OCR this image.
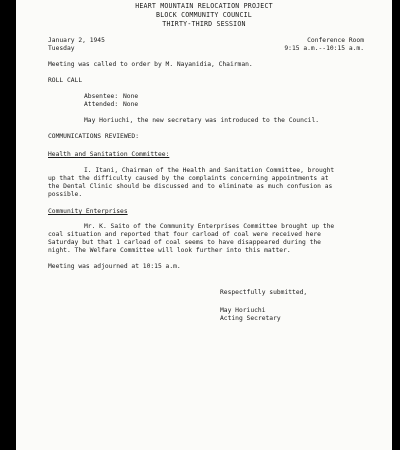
HEART MOUNTAIN RELOCATION PROJECT
BLOCK COMMUNITY COUNCIL
THIRTY-THIRD SESSION
January 2, 1945
Tuesday
Conference Room
9:15 a.m.--10:15 a.m.
Meeting was called to order by M. Nayanidia, Chairman.
ROLL CALL
Absentee: None
Attended: None
May Horiuchi, the new secretary was introduced to the Council.
COMMUNICATIONS REVIEWED:
Health and Sanitation Committee:
I. Itani, Chairman of the Health and Sanitation Committee, brought
up that the difficulty caused by the complaints concerning appointments at
the Dental Clinic should be discussed and to eliminate as much confusion as
possible.
Community Enterprises
Mr. K. Saito of the Community Enterprises Committee brought up the
coal situation and reported that four carload of coal were received here
Saturday but that 1 carload of coal seems to have disappeared during the
night. The Welfare Committee will look further into this matter.
Meeting was adjourned at 10:15 a.m.
Respectfully submitted,
May Horiuchi
Acting Secretary
